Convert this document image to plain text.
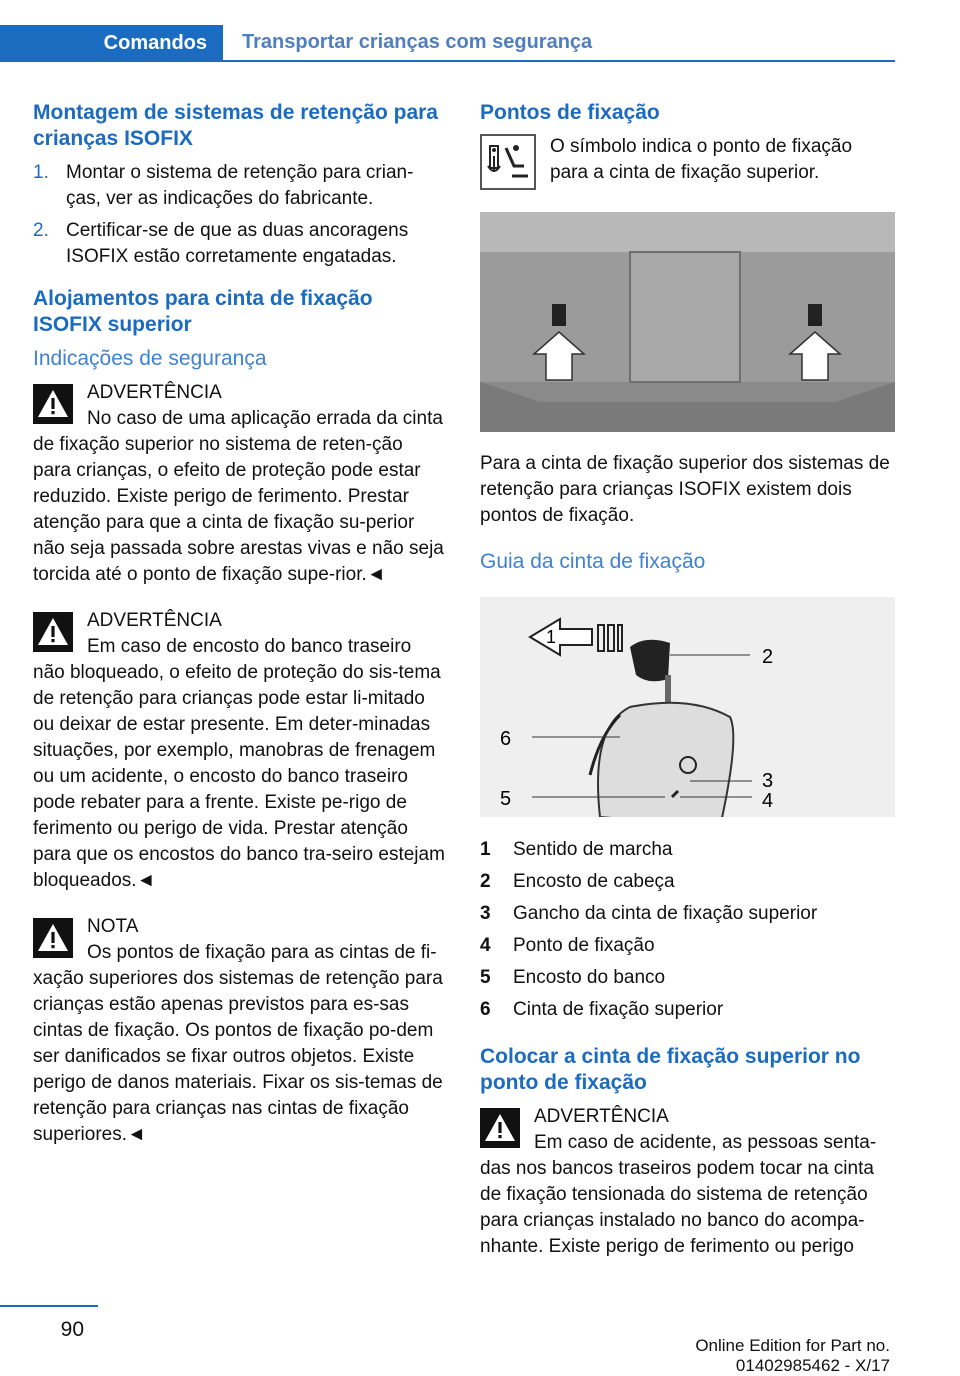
Comandos	Transportar crianças com segurança
Montagem de sistemas de retenção para crianças ISOFIX
1. Montar o sistema de retenção para crian-ças, ver as indicações do fabricante.
2. Certificar-se de que as duas ancoragens ISOFIX estão corretamente engatadas.
Alojamentos para cinta de fixação ISOFIX superior
Indicações de segurança
ADVERTÊNCIA
No caso de uma aplicação errada da cinta de fixação superior no sistema de reten-ção para crianças, o efeito de proteção pode estar reduzido. Existe perigo de ferimento. Prestar atenção para que a cinta de fixação su-perior não seja passada sobre arestas vivas e não seja torcida até o ponto de fixação supe-rior.◄
ADVERTÊNCIA
Em caso de encosto do banco traseiro não bloqueado, o efeito de proteção do sis-tema de retenção para crianças pode estar li-mitado ou deixar de estar presente. Em deter-minadas situações, por exemplo, manobras de frenagem ou um acidente, o encosto do banco traseiro pode rebater para a frente. Existe pe-rigo de ferimento ou perigo de vida. Prestar atenção para que os encostos do banco tra-seiro estejam bloqueados.◄
NOTA
Os pontos de fixação para as cintas de fi-xação superiores dos sistemas de retenção para crianças estão apenas previstos para es-sas cintas de fixação. Os pontos de fixação po-dem ser danificados se fixar outros objetos. Existe perigo de danos materiais. Fixar os sis-temas de retenção para crianças nas cintas de fixação superiores.◄
Pontos de fixação

O símbolo indica o ponto de fixação para a cinta de fixação superior.

Para a cinta de fixação superior dos sistemas de retenção para crianças ISOFIX existem dois pontos de fixação.

Guia da cinta de fixação
1
2
6
3
5	4
1	Sentido de marcha
2	Encosto de cabeça
3	Gancho da cinta de fixação superior
4	Ponto de fixação
5	Encosto do banco
6	Cinta de fixação superior
Colocar a cinta de fixação superior no ponto de fixação
ADVERTÊNCIA
Em caso de acidente, as pessoas senta-das nos bancos traseiros podem tocar na cinta de fixação tensionada do sistema de retenção para crianças instalado no banco do acompa-nhante. Existe perigo de ferimento ou perigo
90
Online Edition for Part no. 01402985462 - X/17
